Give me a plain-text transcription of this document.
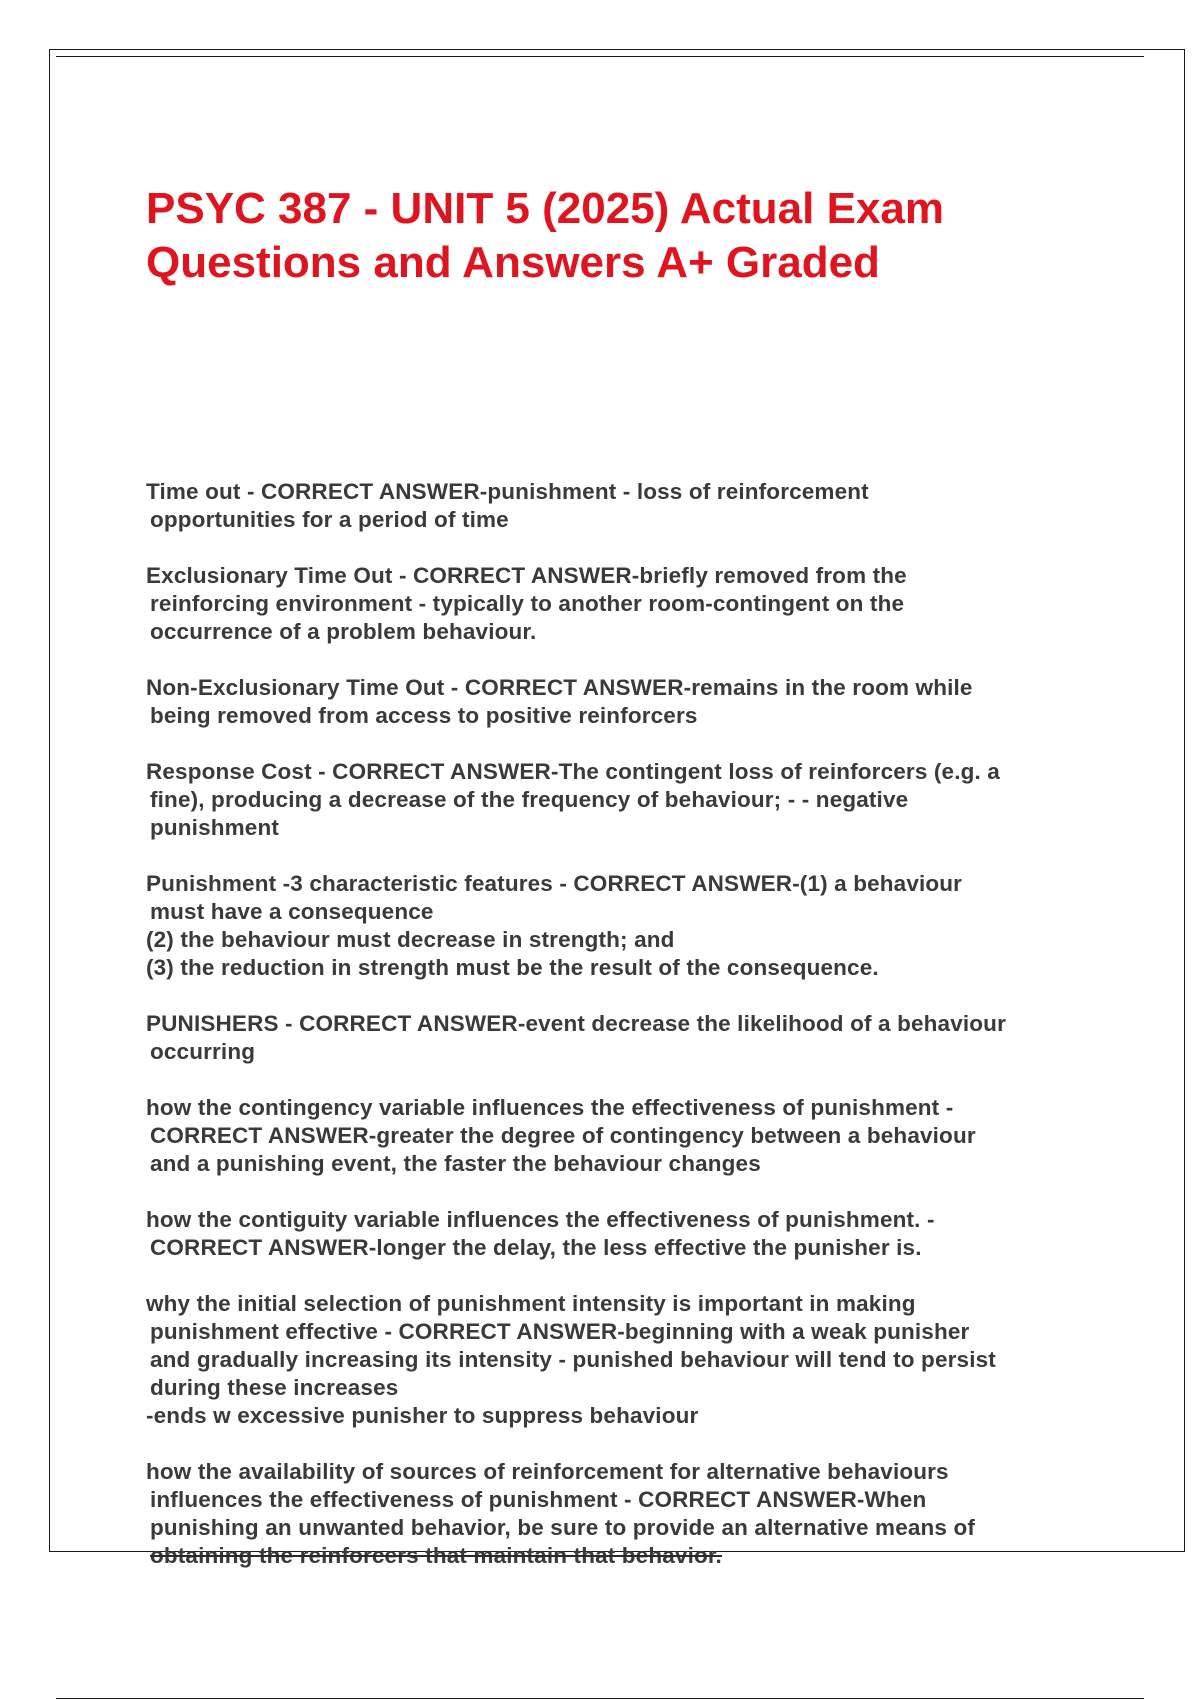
PSYC 387 - UNIT 5 (2025) Actual Exam
Questions and Answers A+ Graded
Time out - CORRECT ANSWER-punishment - loss of reinforcement
opportunities for a period of time
Exclusionary Time Out - CORRECT ANSWER-briefly removed from the
reinforcing environment - typically to another room-contingent on the
occurrence of a problem behaviour.
Non-Exclusionary Time Out - CORRECT ANSWER-remains in the room while
being removed from access to positive reinforcers
Response Cost - CORRECT ANSWER-The contingent loss of reinforcers (e.g. a
fine), producing a decrease of the frequency of behaviour; - - negative
punishment
Punishment -3 characteristic features - CORRECT ANSWER-(1) a behaviour
must have a consequence
(2) the behaviour must decrease in strength; and
(3) the reduction in strength must be the result of the consequence.
PUNISHERS - CORRECT ANSWER-event decrease the likelihood of a behaviour
occurring
how the contingency variable influences the effectiveness of punishment -
CORRECT ANSWER-greater the degree of contingency between a behaviour
and a punishing event, the faster the behaviour changes
how the contiguity variable influences the effectiveness of punishment. -
CORRECT ANSWER-longer the delay, the less effective the punisher is.
why the initial selection of punishment intensity is important in making
punishment effective - CORRECT ANSWER-beginning with a weak punisher
and gradually increasing its intensity - punished behaviour will tend to persist
during these increases
-ends w excessive punisher to suppress behaviour
how the availability of sources of reinforcement for alternative behaviours
influences the effectiveness of punishment - CORRECT ANSWER-When
punishing an unwanted behavior, be sure to provide an alternative means of
obtaining the reinforcers that maintain that behavior.
